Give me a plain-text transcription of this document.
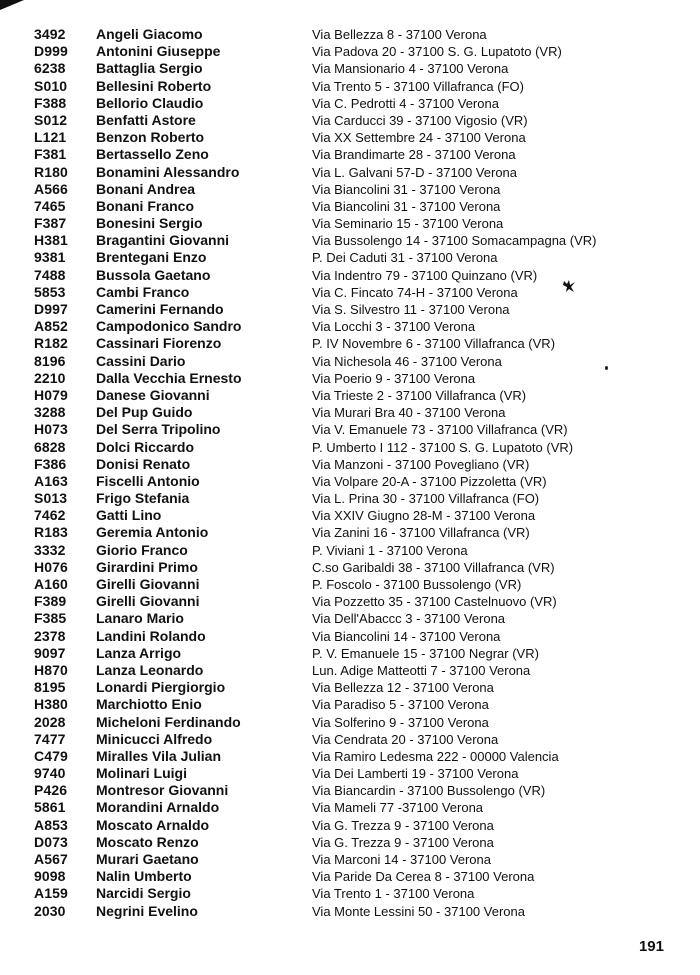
3492	Angeli Giacomo	Via Bellezza 8 - 37100 Verona
D999	Antonini Giuseppe	Via Padova 20 - 37100 S. G. Lupatoto (VR)
6238	Battaglia Sergio	Via Mansionario 4 - 37100 Verona
S010	Bellesini Roberto	Via Trento 5 - 37100 Villafranca (FO)
F388	Bellorio Claudio	Via C. Pedrotti 4 - 37100 Verona
S012	Benfatti Astore	Via Carducci 39 - 37100 Vigosio (VR)
L121	Benzon Roberto	Via XX Settembre 24 - 37100 Verona
F381	Bertassello Zeno	Via Brandimarte 28 - 37100 Verona
R180	Bonamini Alessandro	Via L. Galvani 57-D - 37100 Verona
A566	Bonani Andrea	Via Biancolini 31 - 37100 Verona
7465	Bonani Franco	Via Biancolini 31 - 37100 Verona
F387	Bonesini Sergio	Via Seminario 15 - 37100 Verona
H381	Bragantini Giovanni	Via Bussolengo 14 - 37100 Somacampagna (VR)
9381	Brentegani Enzo	P. Dei Caduti 31 - 37100 Verona
7488	Bussola Gaetano	Via Indentro 79 - 37100 Quinzano (VR)
5853	Cambi Franco	Via C. Fincato 74-H - 37100 Verona
D997	Camerini Fernando	Via S. Silvestro 11 - 37100 Verona
A852	Campodonico Sandro	Via Locchi 3 - 37100 Verona
R182	Cassinari Fiorenzo	P. IV Novembre 6 - 37100 Villafranca (VR)
8196	Cassini Dario	Via Nichesola 46 - 37100 Verona
2210	Dalla Vecchia Ernesto	Via Poerio 9 - 37100 Verona
H079	Danese Giovanni	Via Trieste 2 - 37100 Villafranca (VR)
3288	Del Pup Guido	Via Murari Bra 40 - 37100 Verona
H073	Del Serra Tripolino	Via V. Emanuele 73 - 37100 Villafranca (VR)
6828	Dolci Riccardo	P. Umberto I 112 - 37100 S. G. Lupatoto (VR)
F386	Donisi Renato	Via Manzoni - 37100 Povegliano (VR)
A163	Fiscelli Antonio	Via Volpare 20-A - 37100 Pizzoletta (VR)
S013	Frigo Stefania	Via L. Prina 30 - 37100 Villafranca (FO)
7462	Gatti Lino	Via XXIV Giugno 28-M - 37100 Verona
R183	Geremia Antonio	Via Zanini 16 - 37100 Villafranca (VR)
3332	Giorio Franco	P. Viviani 1 - 37100 Verona
H076	Girardini Primo	C.so Garibaldi 38 - 37100 Villafranca (VR)
A160	Girelli Giovanni	P. Foscolo - 37100 Bussolengo (VR)
F389	Girelli Giovanni	Via Pozzetto 35 - 37100 Castelnuovo (VR)
F385	Lanaro Mario	Via Dell'Abaccc 3 - 37100 Verona
2378	Landini Rolando	Via Biancolini 14 - 37100 Verona
9097	Lanza Arrigo	P. V. Emanuele 15 - 37100 Negrar (VR)
H870	Lanza Leonardo	Lun. Adige Matteotti 7 - 37100 Verona
8195	Lonardi Piergiorgio	Via Bellezza 12 - 37100 Verona
H380	Marchiotto Enio	Via Paradiso 5 - 37100 Verona
2028	Micheloni Ferdinando	Via Solferino 9 - 37100 Verona
7477	Minicucci Alfredo	Via Cendrata 20 - 37100 Verona
C479	Miralles Vila Julian	Via Ramiro Ledesma 222 - 00000 Valencia
9740	Molinari Luigi	Via Dei Lamberti 19 - 37100 Verona
P426	Montresor Giovanni	Via Biancardin - 37100 Bussolengo (VR)
5861	Morandini Arnaldo	Via Mameli 77 -37100 Verona
A853	Moscato Arnaldo	Via G. Trezza 9 - 37100 Verona
D073	Moscato Renzo	Via G. Trezza 9 - 37100 Verona
A567	Murari Gaetano	Via Marconi 14 - 37100 Verona
9098	Nalin Umberto	Via Paride Da Cerea 8 - 37100 Verona
A159	Narcidi Sergio	Via Trento 1 - 37100 Verona
2030	Negrini Evelino	Via Monte Lessini 50 - 37100 Verona
191
